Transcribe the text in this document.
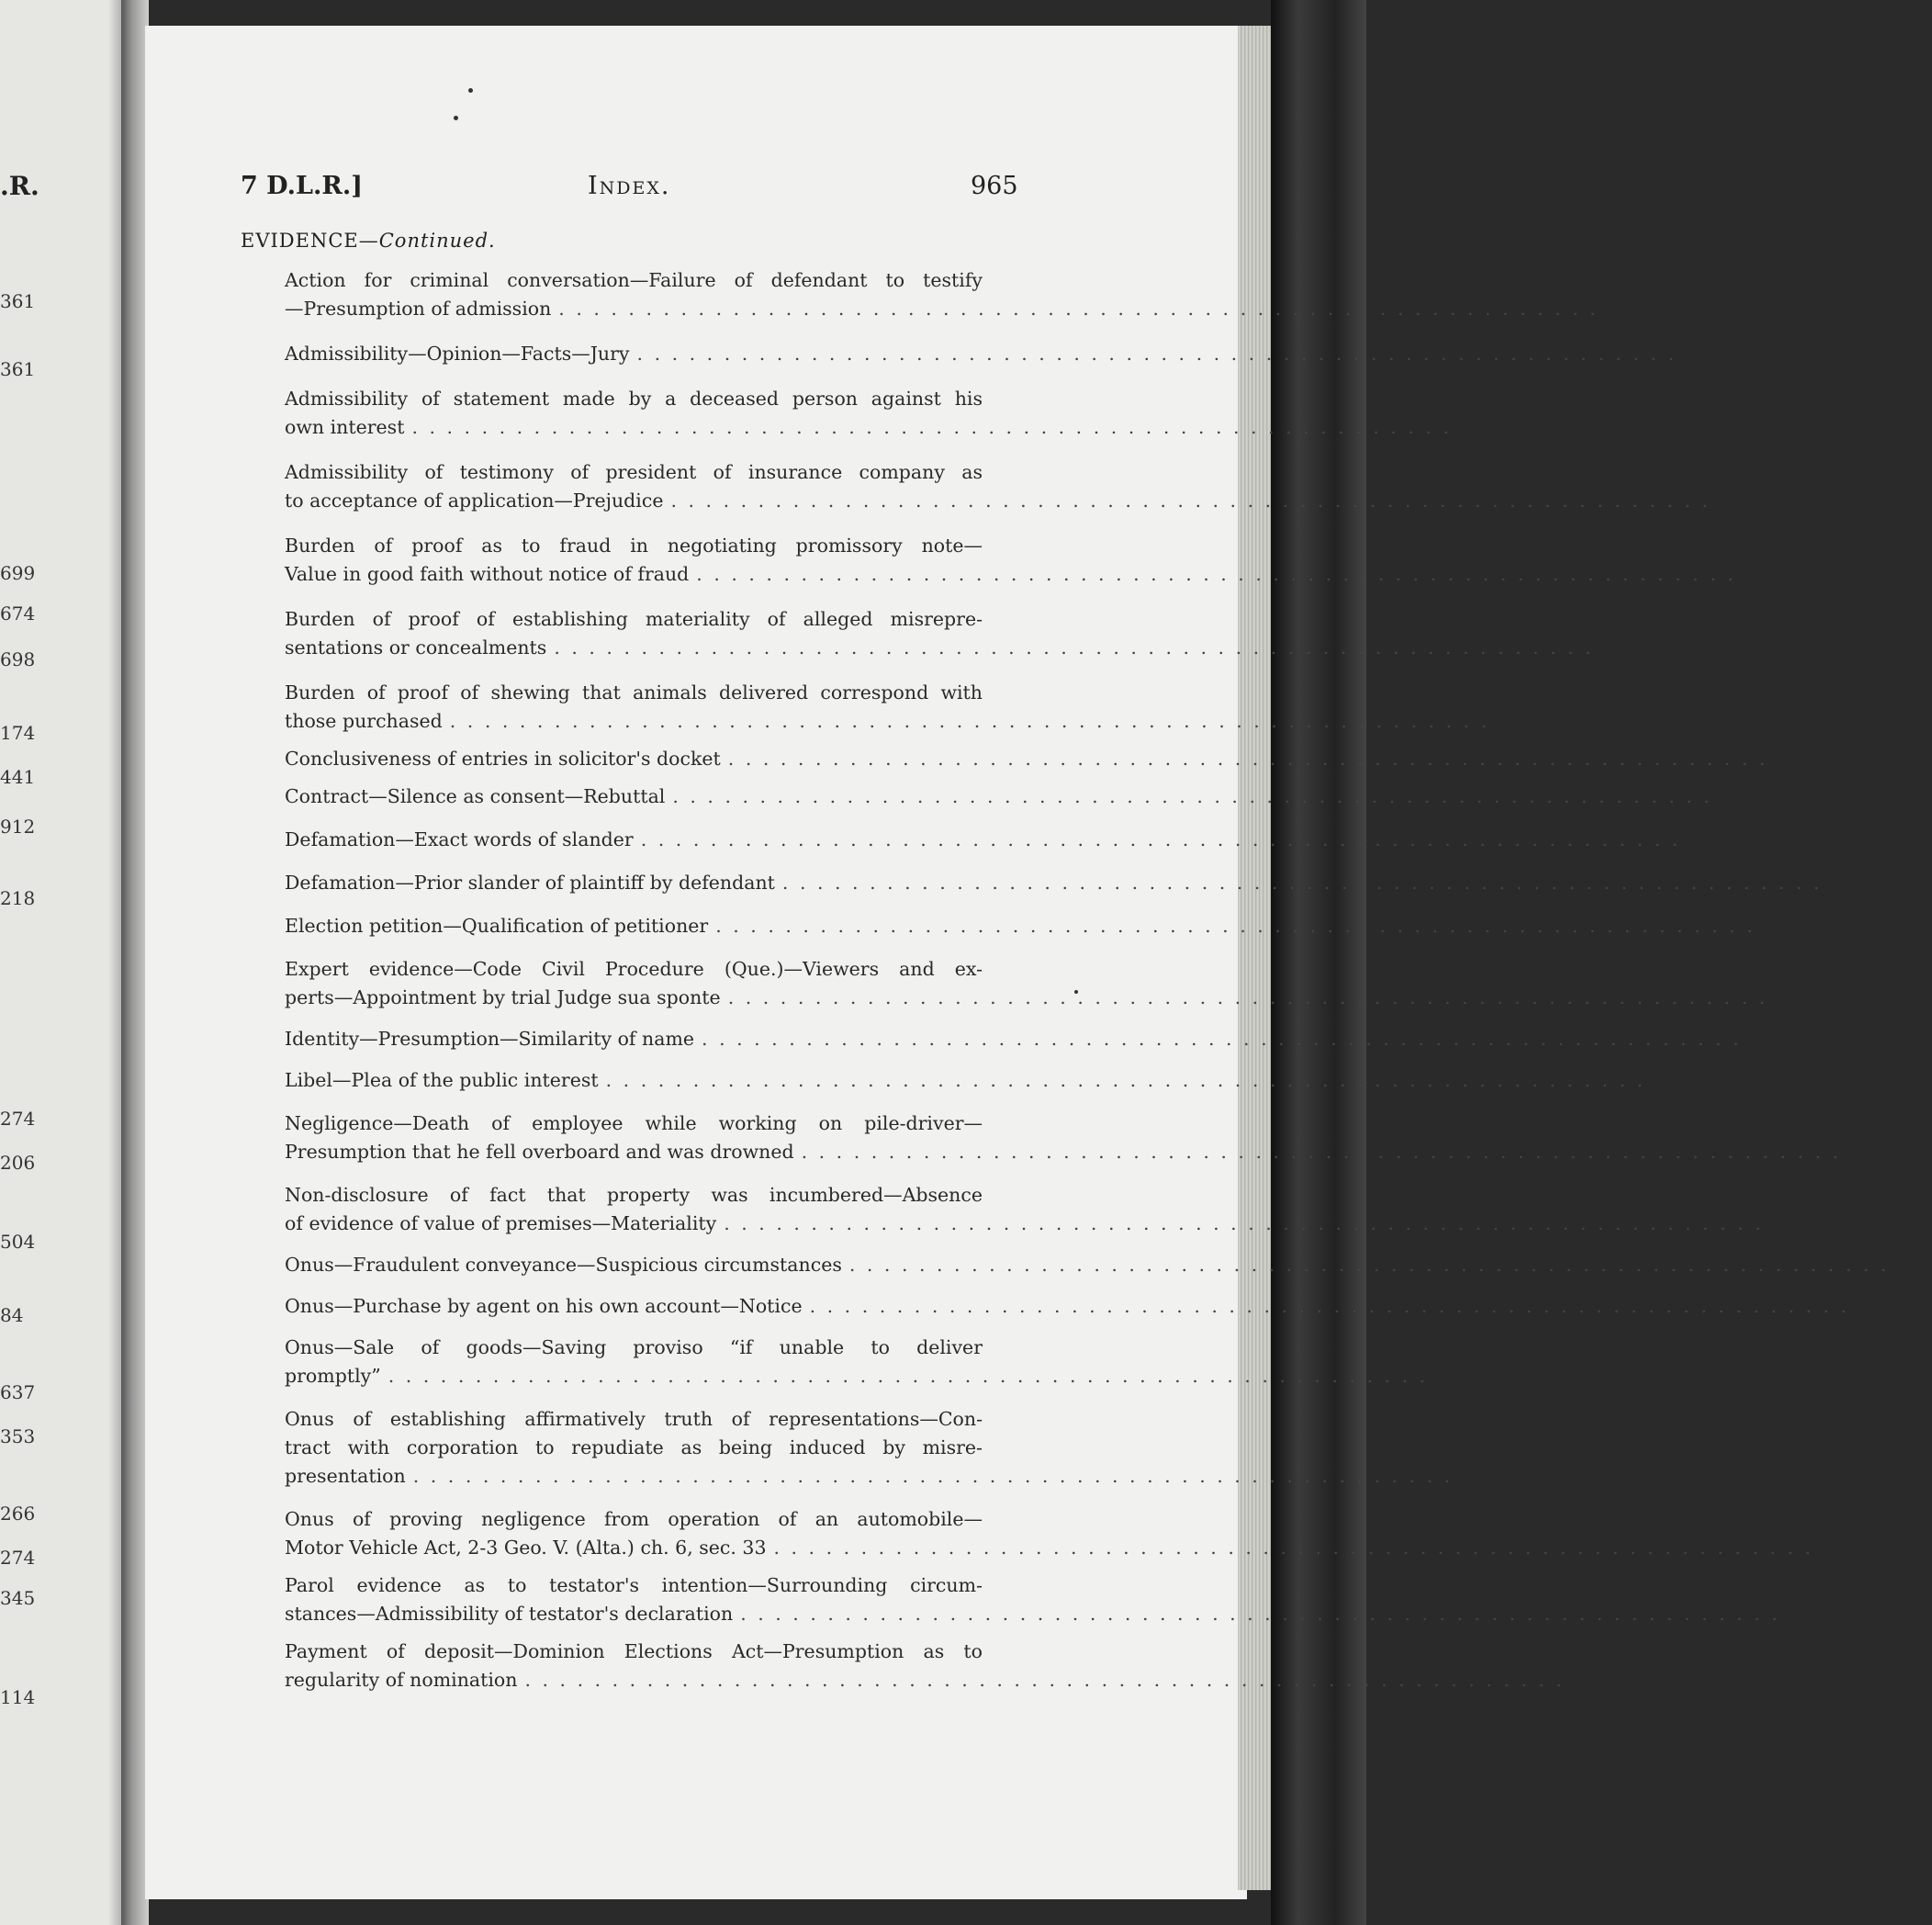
.R.
361
361
699
674
698
174
441
912
218
274
206
504
84
637
353
266
274
345
114
7 D.L.R.]	Index.	965
EVIDENCE—Continued.
Action for criminal conversation—Failure of defendant to testify
—Presumption of admission . . . . . . . . . . . . . . . . . . . . . . . . . . . . . . . . . . . . . . . . . . . . . . . . . . . . . . . . . . . . 787
Admissibility—Opinion—Facts—Jury . . . . . . . . . . . . . . . . . . . . . . . . . . . . . . . . . . . . . . . . . . . . . . . . . . . . . . . . . . . . 178
Admissibility of statement made by a deceased person against his
own interest . . . . . . . . . . . . . . . . . . . . . . . . . . . . . . . . . . . . . . . . . . . . . . . . . . . . . . . . . . . . 478
Admissibility of testimony of president of insurance company as
to acceptance of application—Prejudice . . . . . . . . . . . . . . . . . . . . . . . . . . . . . . . . . . . . . . . . . . . . . . . . . . . . . . . . . . . . 369
Burden of proof as to fraud in negotiating promissory note—
Value in good faith without notice of fraud . . . . . . . . . . . . . . . . . . . . . . . . . . . . . . . . . . . . . . . . . . . . . . . . . . . . . . . . . . . . 1
Burden of proof of establishing materiality of alleged misrepre-
sentations or concealments . . . . . . . . . . . . . . . . . . . . . . . . . . . . . . . . . . . . . . . . . . . . . . . . . . . . . . . . . . . . 369
Burden of proof of shewing that animals delivered correspond with
those purchased . . . . . . . . . . . . . . . . . . . . . . . . . . . . . . . . . . . . . . . . . . . . . . . . . . . . . . . . . . . . 793
Conclusiveness of entries in solicitor's docket . . . . . . . . . . . . . . . . . . . . . . . . . . . . . . . . . . . . . . . . . . . . . . . . . . . . . . . . . . . . 323
Contract—Silence as consent—Rebuttal . . . . . . . . . . . . . . . . . . . . . . . . . . . . . . . . . . . . . . . . . . . . . . . . . . . . . . . . . . . . 84
Defamation—Exact words of slander . . . . . . . . . . . . . . . . . . . . . . . . . . . . . . . . . . . . . . . . . . . . . . . . . . . . . . . . . . . . 602
Defamation—Prior slander of plaintiff by defendant . . . . . . . . . . . . . . . . . . . . . . . . . . . . . . . . . . . . . . . . . . . . . . . . . . . . . . . . . . . . 602
Election petition—Qualification of petitioner . . . . . . . . . . . . . . . . . . . . . . . . . . . . . . . . . . . . . . . . . . . . . . . . . . . . . . . . . . . . 192
Expert evidence—Code Civil Procedure (Que.)—Viewers and ex-
perts—Appointment by trial Judge sua sponte . . . . . . . . . . . . . . . . . . . . . . . . . . . . . . . . . . . . . . . . . . . . . . . . . . . . . . . . . . . . 22
Identity—Presumption—Similarity of name . . . . . . . . . . . . . . . . . . . . . . . . . . . . . . . . . . . . . . . . . . . . . . . . . . . . . . . . . . . . 46
Libel—Plea of the public interest . . . . . . . . . . . . . . . . . . . . . . . . . . . . . . . . . . . . . . . . . . . . . . . . . . . . . . . . . . . . 66
Negligence—Death of employee while working on pile-driver—
Presumption that he fell overboard and was drowned . . . . . . . . . . . . . . . . . . . . . . . . . . . . . . . . . . . . . . . . . . . . . . . . . . . . . . . . . . . . 877
Non-disclosure of fact that property was incumbered—Absence
of evidence of value of premises—Materiality . . . . . . . . . . . . . . . . . . . . . . . . . . . . . . . . . . . . . . . . . . . . . . . . . . . . . . . . . . . . 370
Onus—Fraudulent conveyance—Suspicious circumstances . . . . . . . . . . . . . . . . . . . . . . . . . . . . . . . . . . . . . . . . . . . . . . . . . . . . . . . . . . . . 590
Onus—Purchase by agent on his own account—Notice . . . . . . . . . . . . . . . . . . . . . . . . . . . . . . . . . . . . . . . . . . . . . . . . . . . . . . . . . . . . 46
Onus—Sale of goods—Saving proviso “if unable to deliver
promptly” . . . . . . . . . . . . . . . . . . . . . . . . . . . . . . . . . . . . . . . . . . . . . . . . . . . . . . . . . . . . 245
Onus of establishing affirmatively truth of representations—Con-
tract with corporation to repudiate as being induced by misre-
presentation . . . . . . . . . . . . . . . . . . . . . . . . . . . . . . . . . . . . . . . . . . . . . . . . . . . . . . . . . . . . 97
Onus of proving negligence from operation of an automobile—
Motor Vehicle Act, 2-3 Geo. V. (Alta.) ch. 6, sec. 33 . . . . . . . . . . . . . . . . . . . . . . . . . . . . . . . . . . . . . . . . . . . . . . . . . . . . . . . . . . . . 579
Parol evidence as to testator's intention—Surrounding circum-
stances—Admissibility of testator's declaration . . . . . . . . . . . . . . . . . . . . . . . . . . . . . . . . . . . . . . . . . . . . . . . . . . . . . . . . . . . . 452
Payment of deposit—Dominion Elections Act—Presumption as to
regularity of nomination . . . . . . . . . . . . . . . . . . . . . . . . . . . . . . . . . . . . . . . . . . . . . . . . . . . . . . . . . . . . 126
